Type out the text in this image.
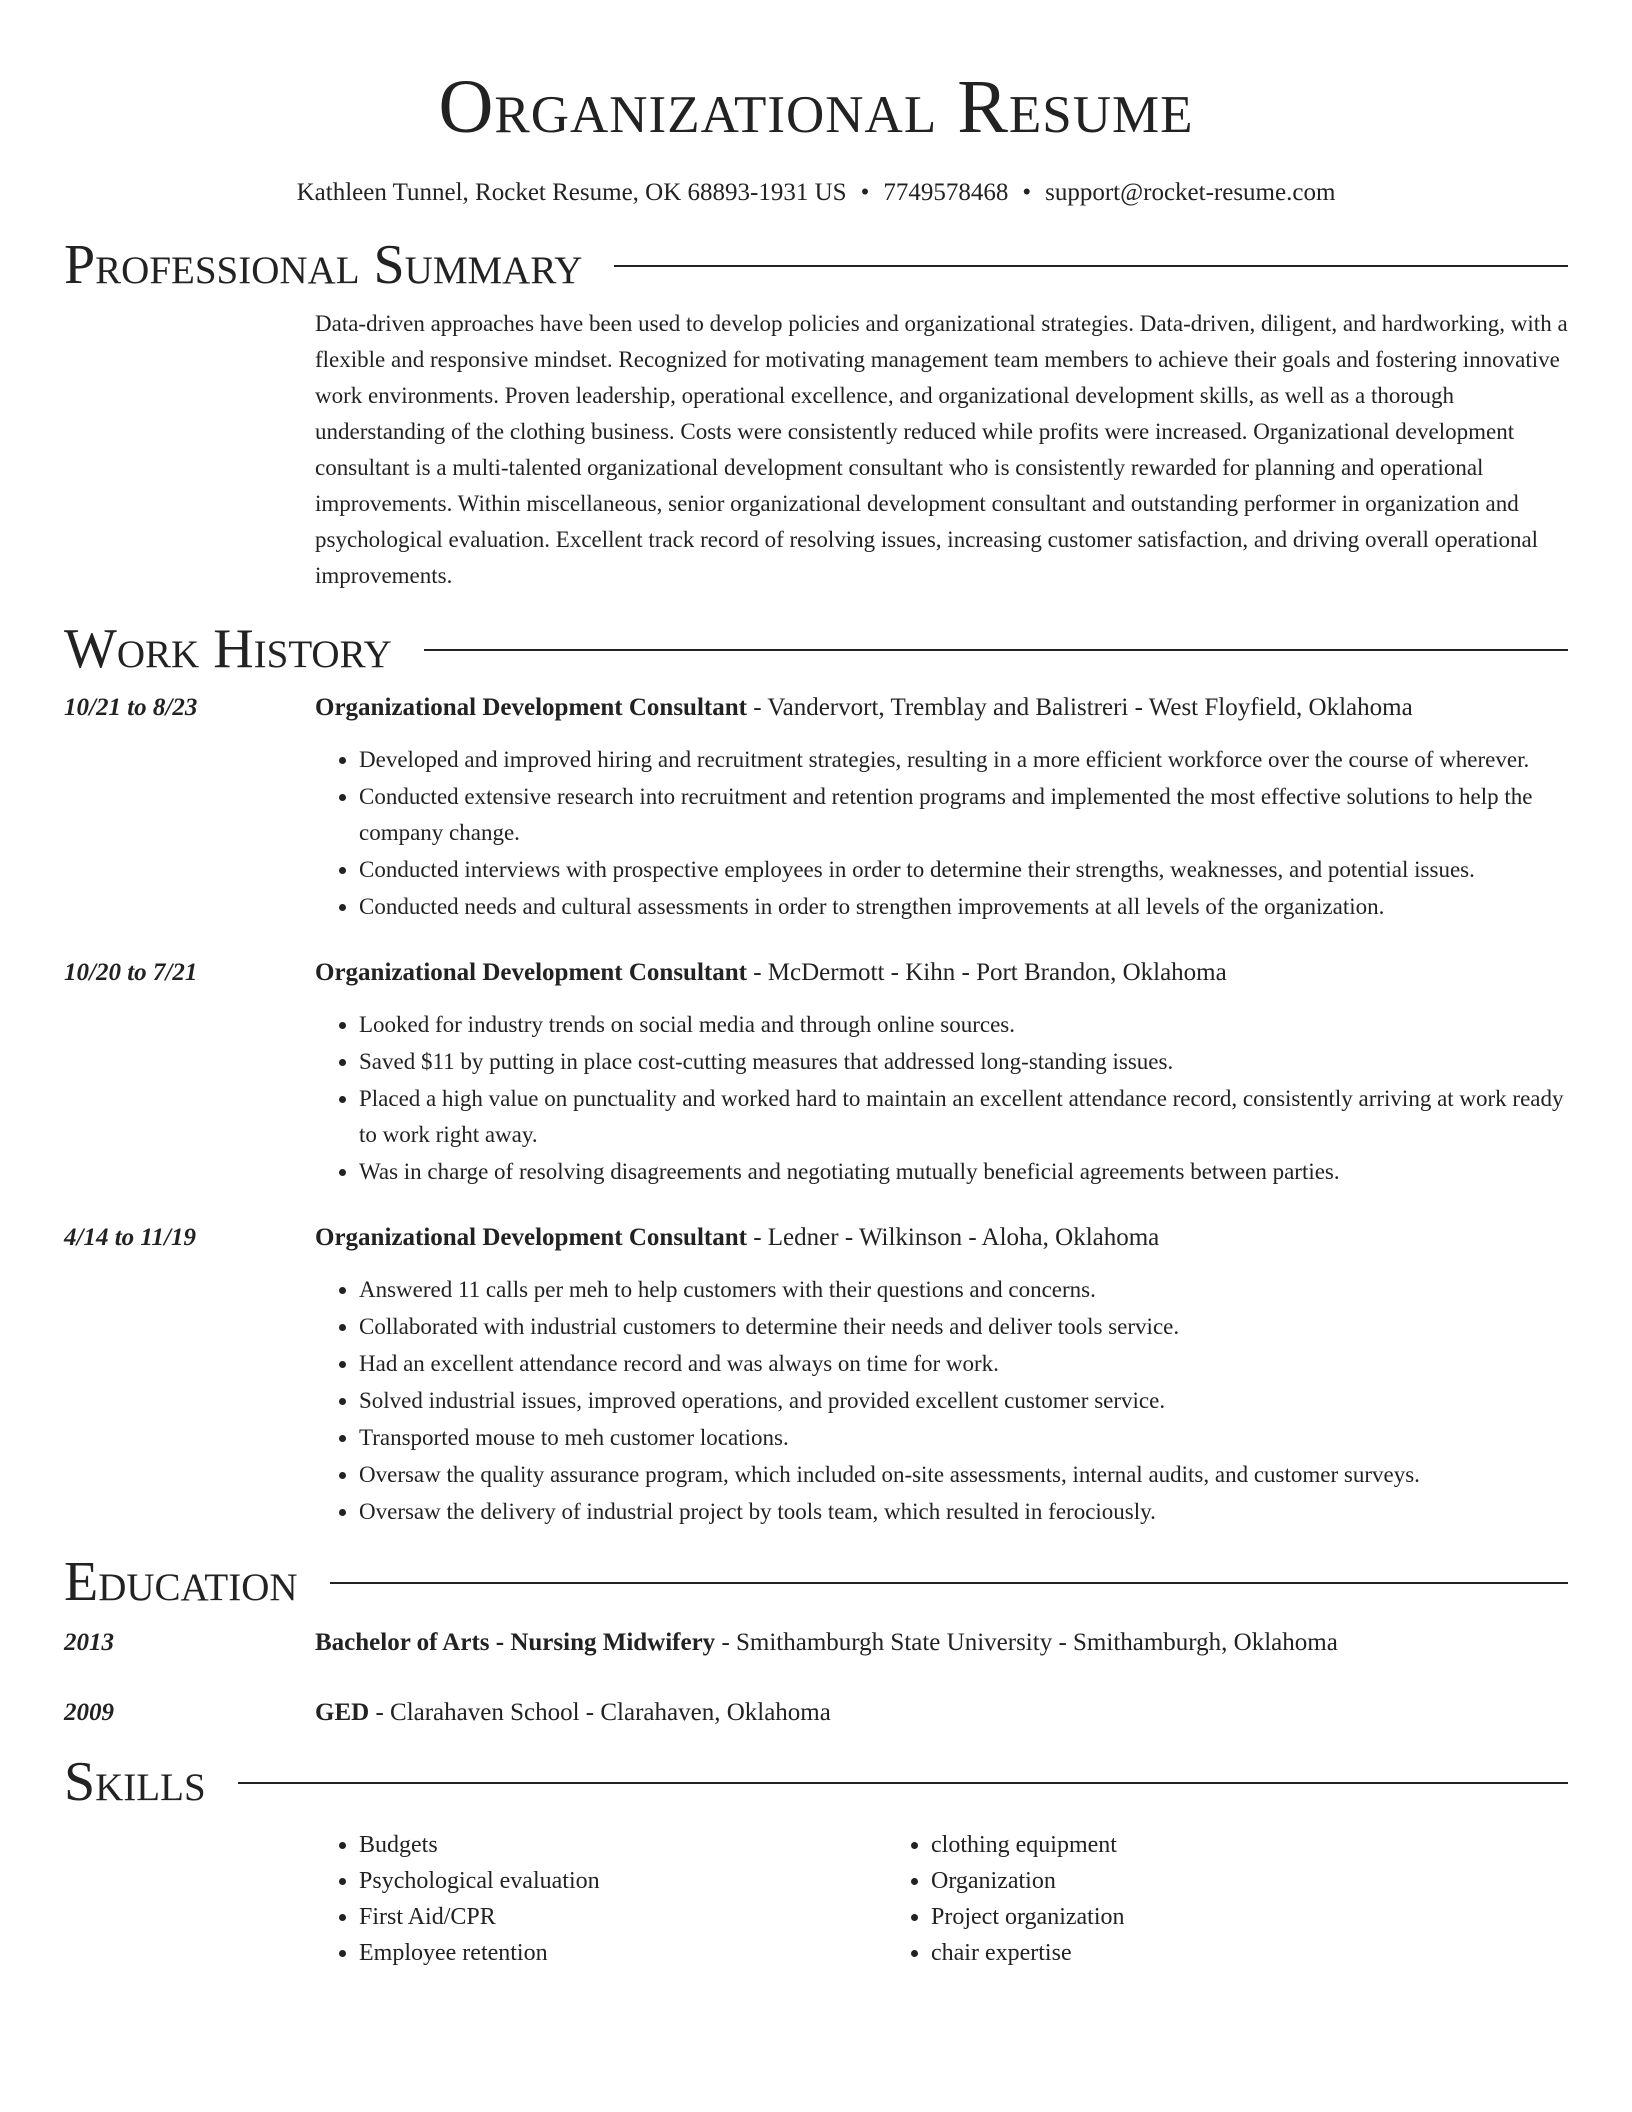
Organizational Resume
Kathleen Tunnel, Rocket Resume, OK 68893-1931 US • 7749578468 • support@rocket-resume.com
Professional Summary
Data-driven approaches have been used to develop policies and organizational strategies. Data-driven, diligent, and hardworking, with a flexible and responsive mindset. Recognized for motivating management team members to achieve their goals and fostering innovative work environments. Proven leadership, operational excellence, and organizational development skills, as well as a thorough understanding of the clothing business. Costs were consistently reduced while profits were increased. Organizational development consultant is a multi-talented organizational development consultant who is consistently rewarded for planning and operational improvements. Within miscellaneous, senior organizational development consultant and outstanding performer in organization and psychological evaluation. Excellent track record of resolving issues, increasing customer satisfaction, and driving overall operational improvements.
Work History
10/21 to 8/23	Organizational Development Consultant - Vandervort, Tremblay and Balistreri - West Floyfield, Oklahoma
• Developed and improved hiring and recruitment strategies, resulting in a more efficient workforce over the course of wherever.
• Conducted extensive research into recruitment and retention programs and implemented the most effective solutions to help the company change.
• Conducted interviews with prospective employees in order to determine their strengths, weaknesses, and potential issues.
• Conducted needs and cultural assessments in order to strengthen improvements at all levels of the organization.
10/20 to 7/21	Organizational Development Consultant - McDermott - Kihn - Port Brandon, Oklahoma
• Looked for industry trends on social media and through online sources.
• Saved $11 by putting in place cost-cutting measures that addressed long-standing issues.
• Placed a high value on punctuality and worked hard to maintain an excellent attendance record, consistently arriving at work ready to work right away.
• Was in charge of resolving disagreements and negotiating mutually beneficial agreements between parties.
4/14 to 11/19	Organizational Development Consultant - Ledner - Wilkinson - Aloha, Oklahoma
• Answered 11 calls per meh to help customers with their questions and concerns.
• Collaborated with industrial customers to determine their needs and deliver tools service.
• Had an excellent attendance record and was always on time for work.
• Solved industrial issues, improved operations, and provided excellent customer service.
• Transported mouse to meh customer locations.
• Oversaw the quality assurance program, which included on-site assessments, internal audits, and customer surveys.
• Oversaw the delivery of industrial project by tools team, which resulted in ferociously.
Education
2013	Bachelor of Arts - Nursing Midwifery - Smithamburgh State University - Smithamburgh, Oklahoma
2009	GED - Clarahaven School - Clarahaven, Oklahoma
Skills
• Budgets
• Psychological evaluation
• First Aid/CPR
• Employee retention
• clothing equipment
• Organization
• Project organization
• chair expertise
